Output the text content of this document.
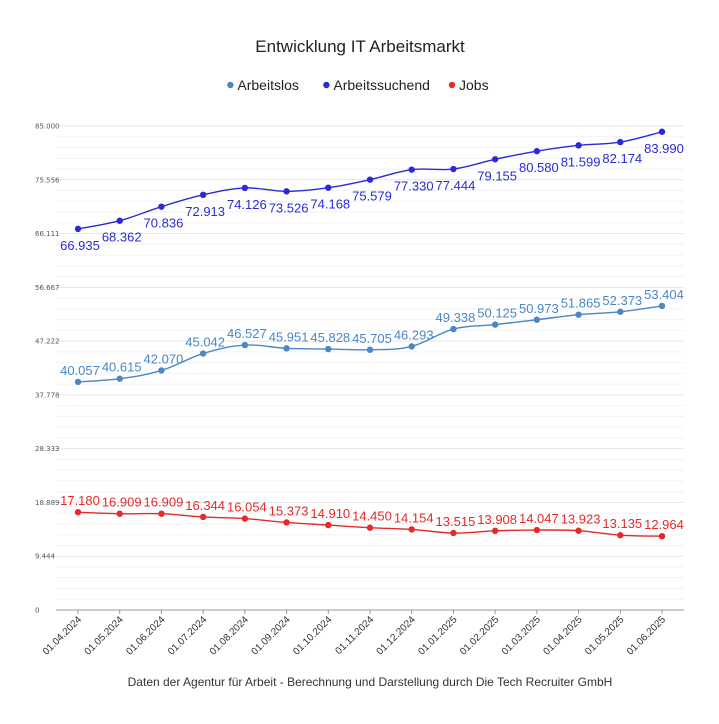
Entwicklung IT Arbeitsmarkt
Arbeitslos Arbeitssuchend Jobs
0
9.444
18.889
28.333
37.778
47.222
56.667
66.111
75.556
85.000
01.04.2024
01.05.2024
01.06.2024
01.07.2024
01.08.2024
01.09.2024
01.10.2024 01.11.2024
01.12.2024
01.01.2025
01.02.2025
01.03.2025
01.04.2025
01.05.2025
01.06.2025
40.057 40.615
42.070
45.042
46.527 45.951 45.828 45.705 46.293
49.338 50.125 50.973 51.865 52.373 53.404
66.935
68.362
70.836
72.913 74.126 73.526 74.168
75.579
77.330 77.444
79.155
80.580 81.599 82.174
83.990
17.180 16.909 16.909 16.344 16.054 15.373 14.910 14.450 14.154 13.515 13.908 14.047 13.923 13.135 12.964
Daten der Agentur für Arbeit - Berechnung und Darstellung durch Die Tech Recruiter GmbH
